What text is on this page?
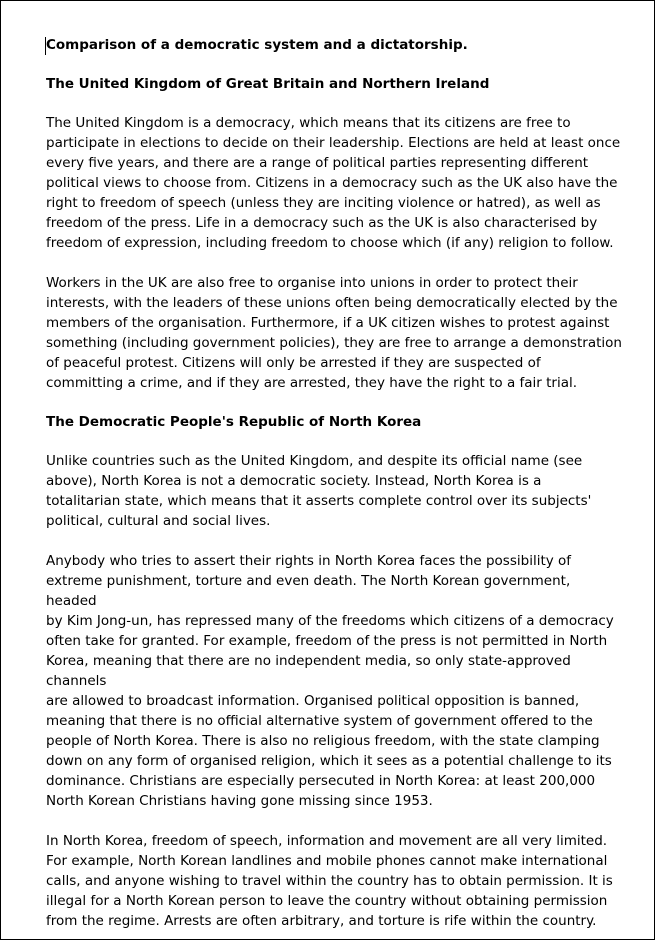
Comparison of a democratic system and a dictatorship.
The United Kingdom of Great Britain and Northern Ireland
The United Kingdom is a democracy, which means that its citizens are free to
participate in elections to decide on their leadership. Elections are held at least once
every five years, and there are a range of political parties representing different
political views to choose from. Citizens in a democracy such as the UK also have the
right to freedom of speech (unless they are inciting violence or hatred), as well as
freedom of the press. Life in a democracy such as the UK is also characterised by
freedom of expression, including freedom to choose which (if any) religion to follow.
Workers in the UK are also free to organise into unions in order to protect their
interests, with the leaders of these unions often being democratically elected by the
members of the organisation. Furthermore, if a UK citizen wishes to protest against
something (including government policies), they are free to arrange a demonstration
of peaceful protest. Citizens will only be arrested if they are suspected of
committing a crime, and if they are arrested, they have the right to a fair trial.
The Democratic People's Republic of North Korea
Unlike countries such as the United Kingdom, and despite its official name (see
above), North Korea is not a democratic society. Instead, North Korea is a
totalitarian state, which means that it asserts complete control over its subjects'
political, cultural and social lives.
Anybody who tries to assert their rights in North Korea faces the possibility of
extreme punishment, torture and even death. The North Korean government, headed
by Kim Jong-un, has repressed many of the freedoms which citizens of a democracy
often take for granted. For example, freedom of the press is not permitted in North
Korea, meaning that there are no independent media, so only state-approved channels
are allowed to broadcast information. Organised political opposition is banned,
meaning that there is no official alternative system of government offered to the
people of North Korea. There is also no religious freedom, with the state clamping
down on any form of organised religion, which it sees as a potential challenge to its
dominance. Christians are especially persecuted in North Korea: at least 200,000
North Korean Christians having gone missing since 1953.
In North Korea, freedom of speech, information and movement are all very limited.
For example, North Korean landlines and mobile phones cannot make international
calls, and anyone wishing to travel within the country has to obtain permission. It is
illegal for a North Korean person to leave the country without obtaining permission
from the regime. Arrests are often arbitrary, and torture is rife within the country.
